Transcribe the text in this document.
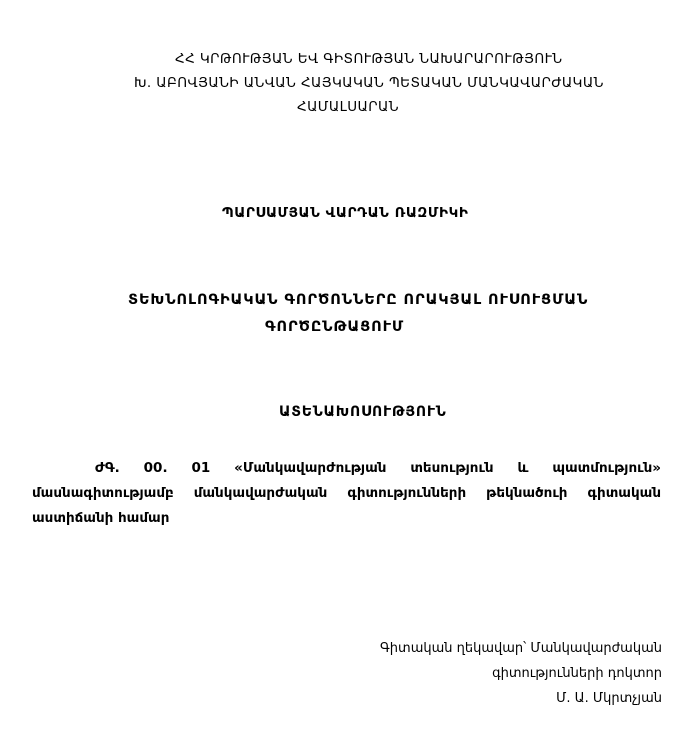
ՀՀ ԿՐԹՈՒԹՅԱՆ ԵՎ ԳԻՏՈՒԹՅԱՆ ՆԱԽԱՐԱՐՈՒԹՅՈՒՆ

Խ. ԱԲՈՎՅԱՆԻ ԱՆՎԱՆ ՀԱՅԿԱԿԱՆ ՊԵՏԱԿԱՆ ՄԱՆԿԱՎԱՐԺԱԿԱՆ

ՀԱՄԱԼՍԱՐԱՆ

ՊԱՐՍԱՄՅԱՆ ՎԱՐԴԱՆ ՌԱԶՄԻԿԻ

ՏԵԽՆՈԼՈԳԻԱԿԱՆ ԳՈՐԾՈՆՆԵՐԸ ՈՐԱԿՅԱԼ ՈՒՍՈՒՑՄԱՆ

ԳՈՐԾԸՆԹԱՑՈՒՄ

ԱՏԵՆԱԽՈՍՈՒԹՅՈՒՆ

ԺԳ. 00. 01 «Մանկավարժության տեսություն և պատմություն»

մասնագիտությամբ մանկավարժական գիտությունների թեկնածուի գիտական

աստիճանի համար

Գիտական ղեկավար՝ Մանկավարժական

գիտությունների դոկտոր

Մ. Ա. Մկրտչյան
